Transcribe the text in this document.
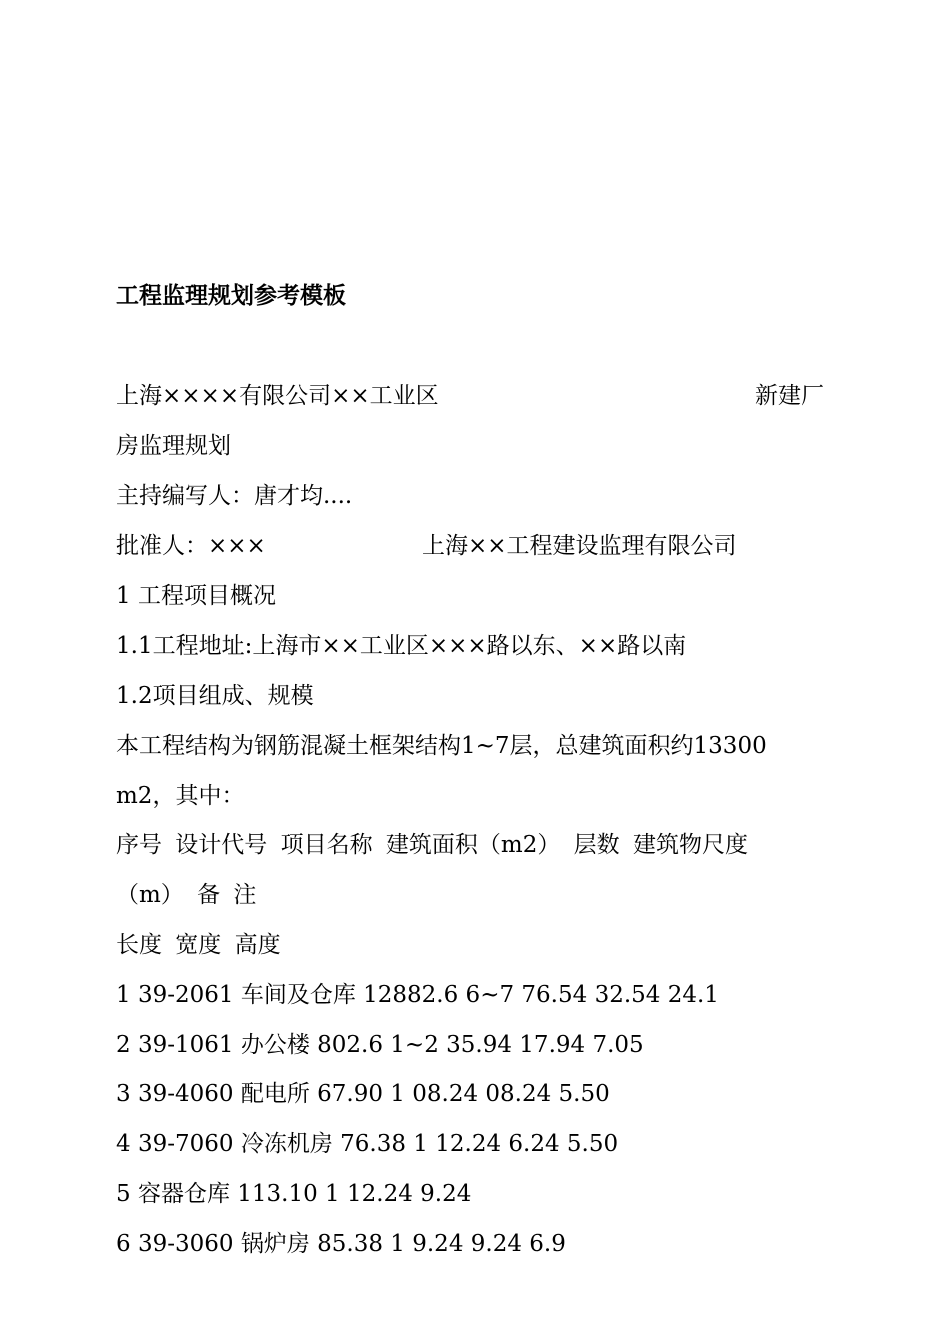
工程监理规划参考模板
上海××××有限公司××工业区	新建厂
房监理规划
主持编写人：唐才均....
批准人：×××	上海××工程建设监理有限公司
1 工程项目概况
1.1工程地址:上海市××工业区×××路以东、××路以南
1.2项目组成、规模
本工程结构为钢筋混凝土框架结构1~7层，总建筑面积约13300
m2，其中：
序号 设计代号 项目名称 建筑面积（m2） 层数 建筑物尺度
（m） 备 注
长度 宽度 高度
1 39-2061 车间及仓库 12882.6 6~7 76.54 32.54 24.1
2 39-1061 办公楼 802.6 1~2 35.94 17.94 7.05
3 39-4060 配电所 67.90 1 08.24 08.24 5.50
4 39-7060 冷冻机房 76.38 1 12.24 6.24 5.50
5 容器仓库 113.10 1 12.24 9.24
6 39-3060 锅炉房 85.38 1 9.24 9.24 6.9
